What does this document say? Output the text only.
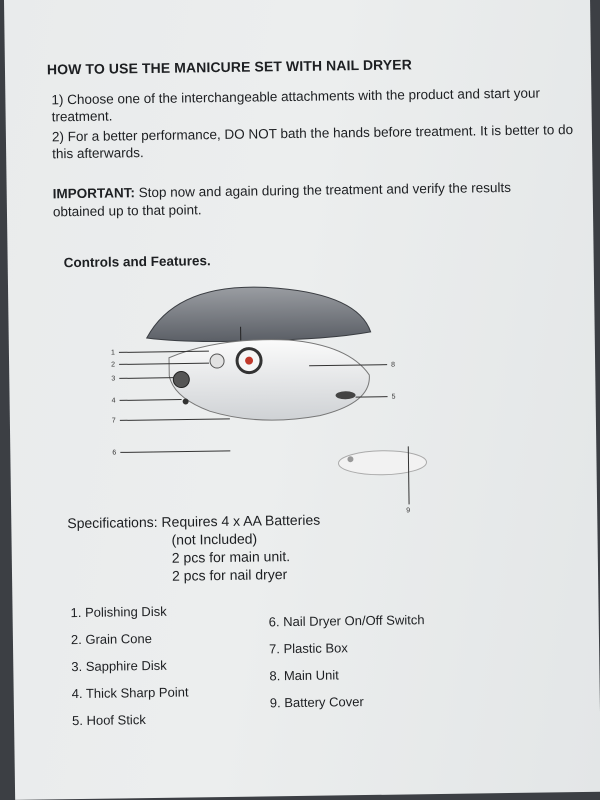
HOW TO USE THE MANICURE SET WITH NAIL DRYER
1) Choose one of the interchangeable attachments with the product and start your treatment.
2) For a better performance, DO NOT bath the hands before treatment. It is better to do this afterwards.
IMPORTANT: Stop now and again during the treatment and verify the results obtained up to that point.
Controls and Features.
1
2
3
4
7
6
8
5
9
Specifications: Requires 4 x AA Batteries
(not Included)
2 pcs for main unit.
2 pcs for nail dryer
1. Polishing Disk
2. Grain Cone
3. Sapphire Disk
4. Thick Sharp Point
5. Hoof Stick
6. Nail Dryer On/Off Switch
7. Plastic Box
8. Main Unit
9. Battery Cover
